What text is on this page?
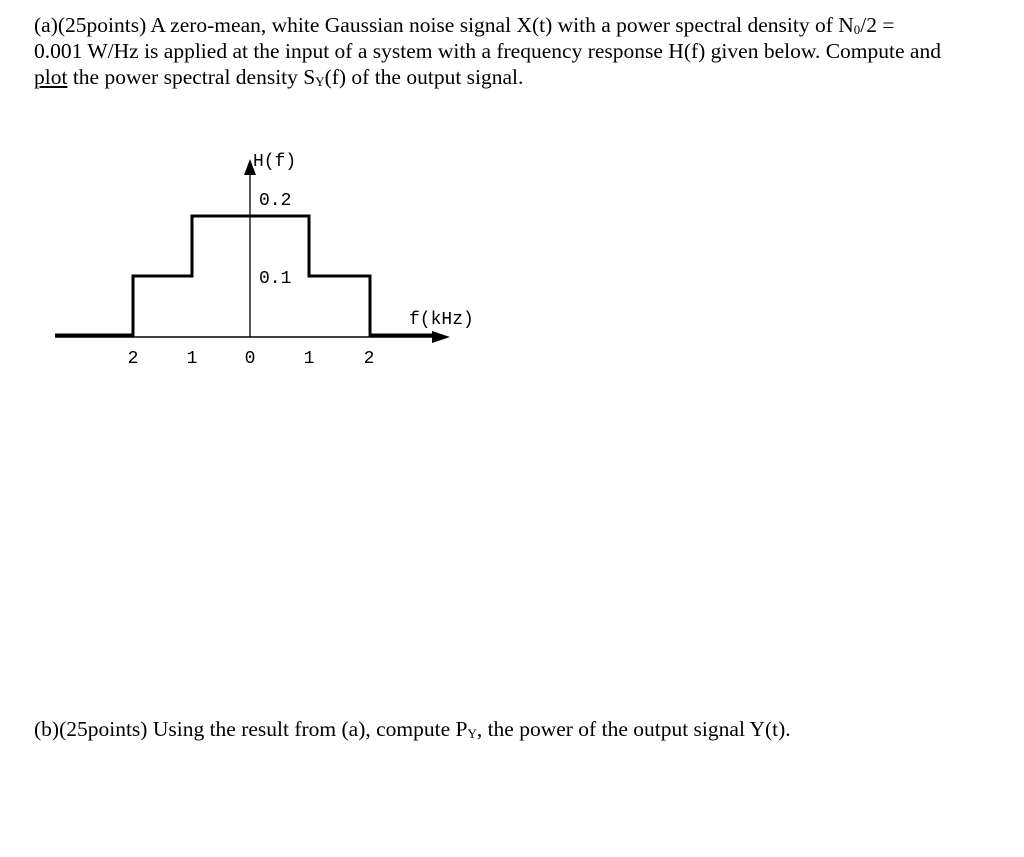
(a)(25points) A zero-mean, white Gaussian noise signal X(t) with a power spectral density of $N_0/2$ =
0.001 W/Hz is applied at the input of a system with a frequency response H(f) given below. Compute and
plot the power spectral density $S_Y(f)$ of the output signal.

H(f)
0.2
0.1
f(kHz)
2	1	0	1	2

(b)(25points) Using the result from (a), compute $P_Y$, the power of the output signal Y(t).
